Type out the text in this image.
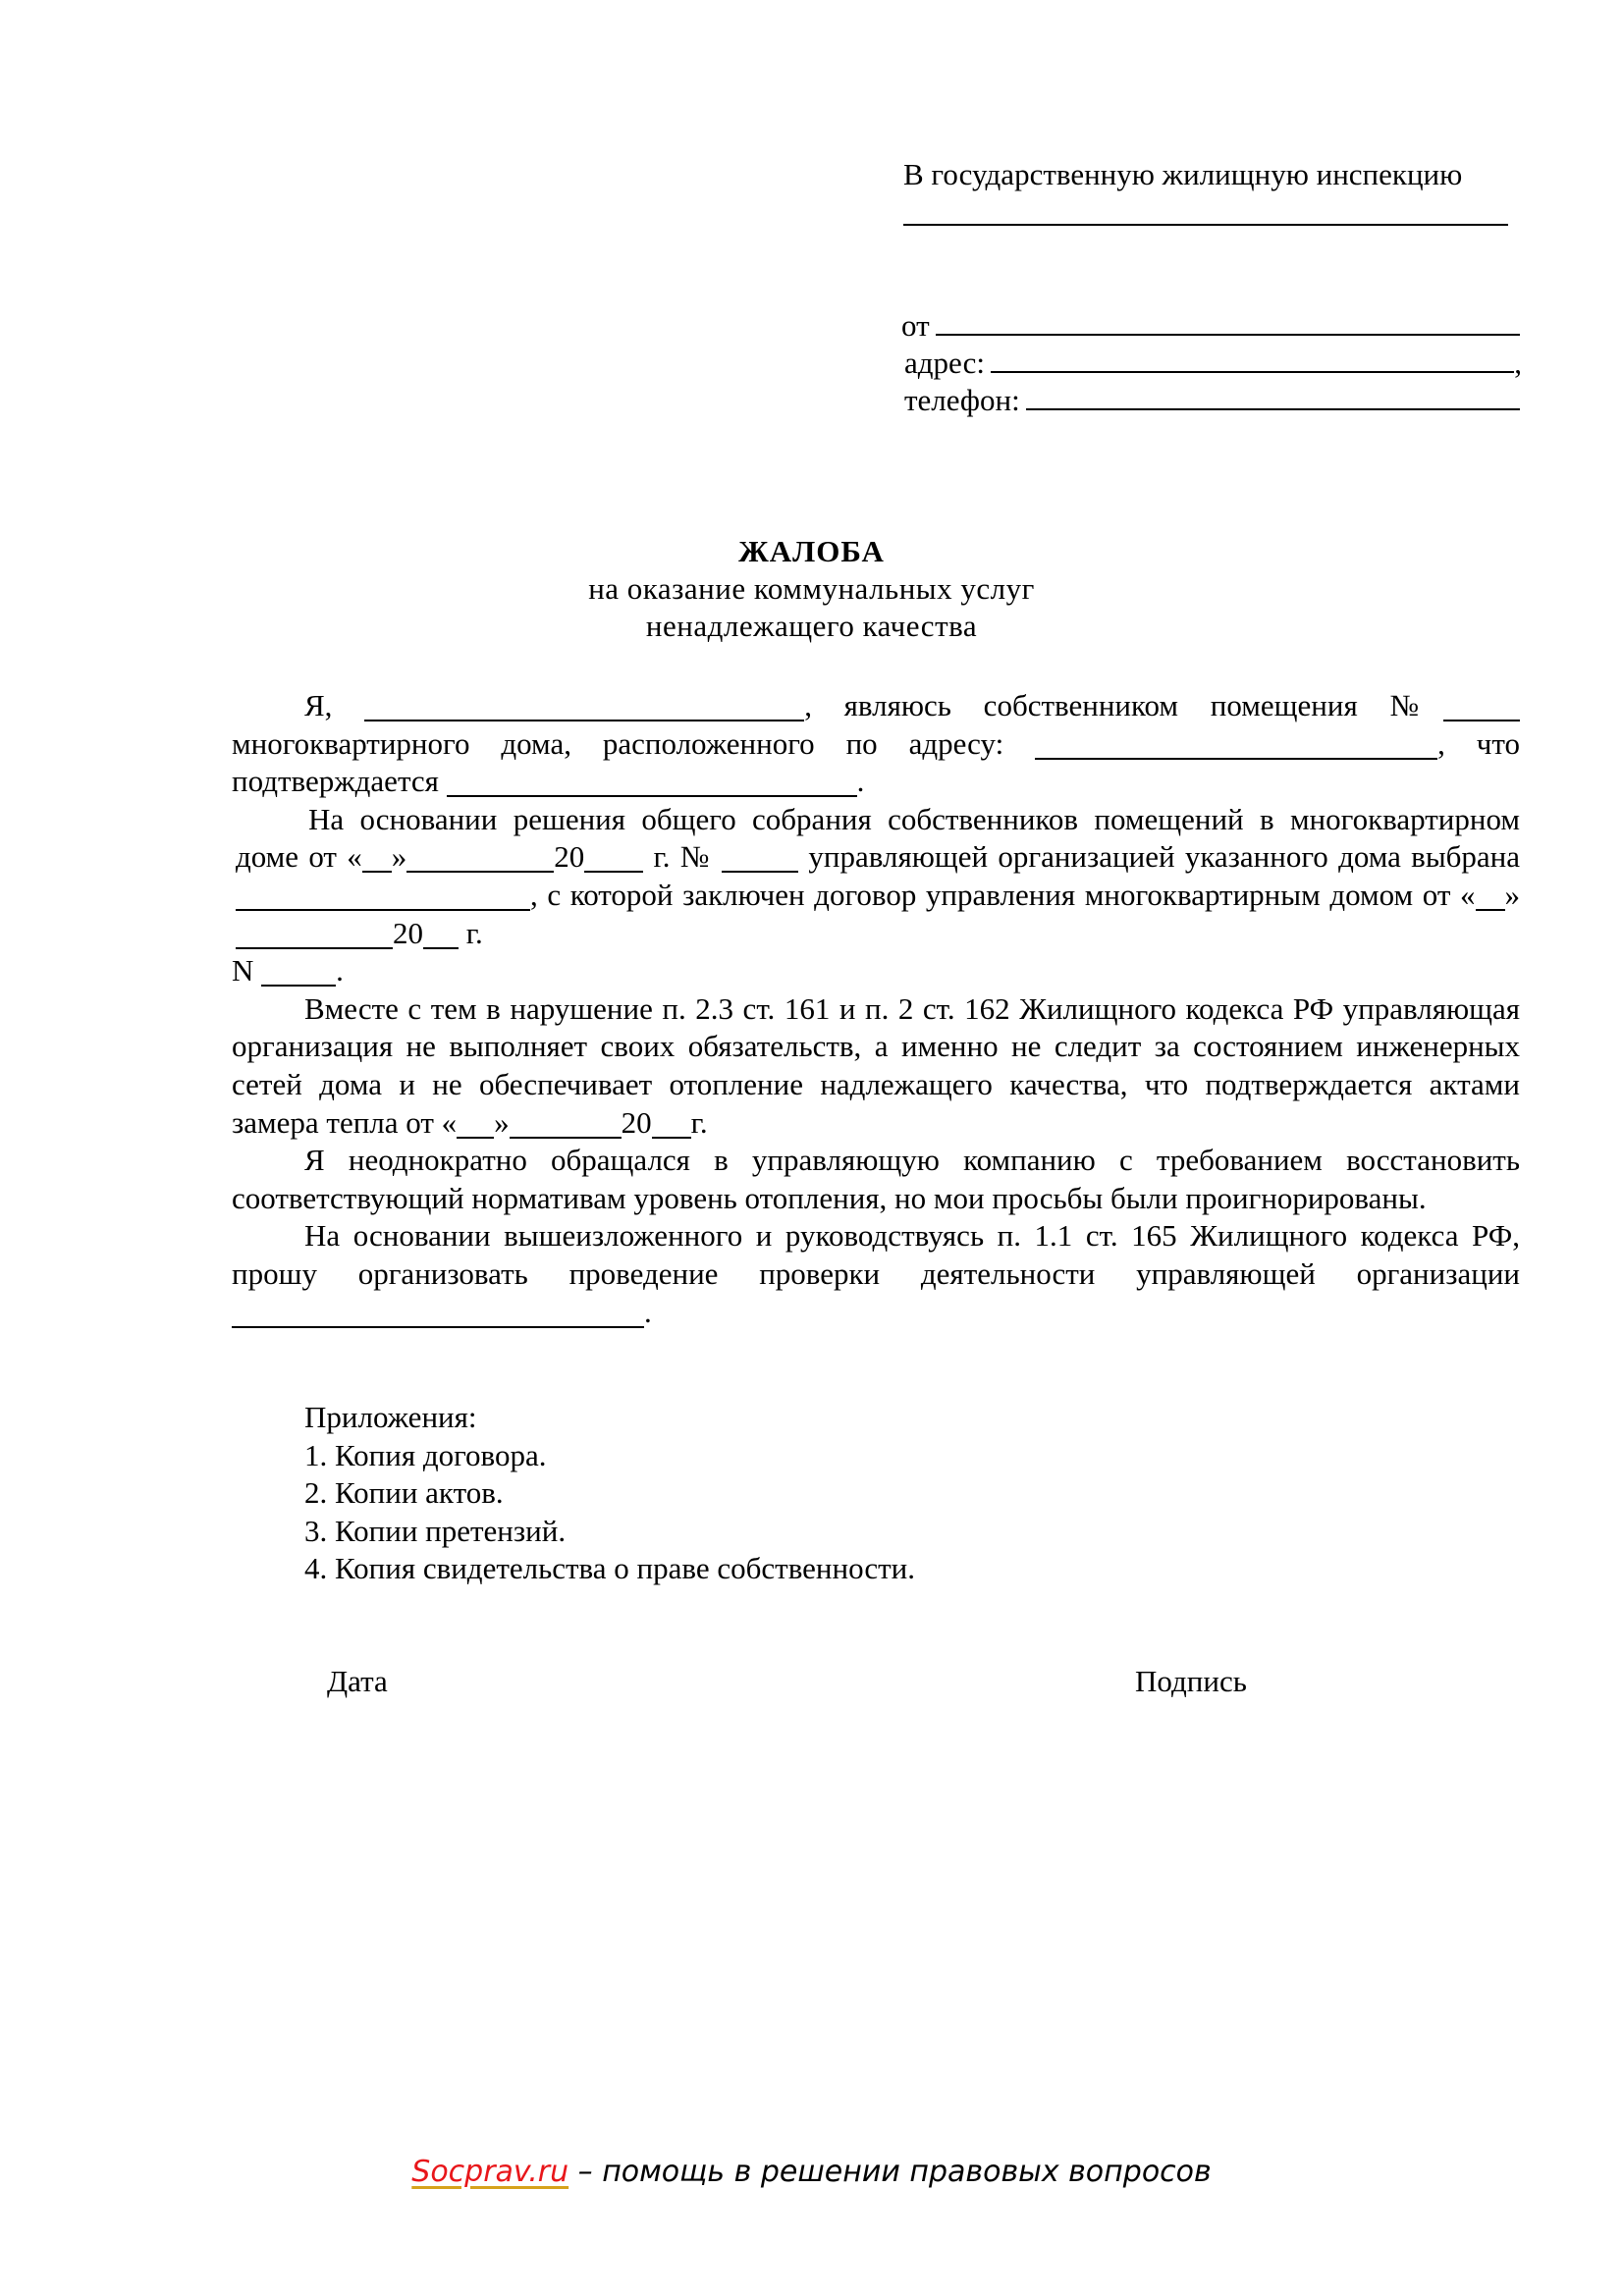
В государственную жилищную инспекцию
от
адрес:	,
телефон:
ЖАЛОБА
на оказание коммунальных услуг
ненадлежащего качества

Я,	, являюсь собственником помещения № многоквартирного дома, расположенного по адресу:	, что подтверждается	.

На основании решения общего собрания собственников помещений в многоквартирном доме от « »	20 г. №	управляющей организацией указанного дома выбрана , с которой заключен договор управления многоквартирным домом от « »20 г.

N	.

Вместе с тем в нарушение п. 2.3 ст. 161 и п. 2 ст. 162 Жилищного кодекса РФ управляющая организация не выполняет своих обязательств, а именно не следит за состоянием инженерных сетей дома и не обеспечивает отопление надлежащего качества, что подтверждается актами замера тепла от « »	20 г.

Я неоднократно обращался в управляющую компанию с требованием восстановить соответствующий нормативам уровень отопления, но мои просьбы были проигнорированы.

На основании вышеизложенного и руководствуясь п. 1.1 ст. 165 Жилищного кодекса РФ, прошу организовать проведение проверки деятельности управляющей организации .

Приложения:
1. Копия договора.
2. Копии актов.
3. Копии претензий.
4. Копия свидетельства о праве собственности.
Дата	Подпись
Socprav.ru – помощь в решении правовых вопросов
